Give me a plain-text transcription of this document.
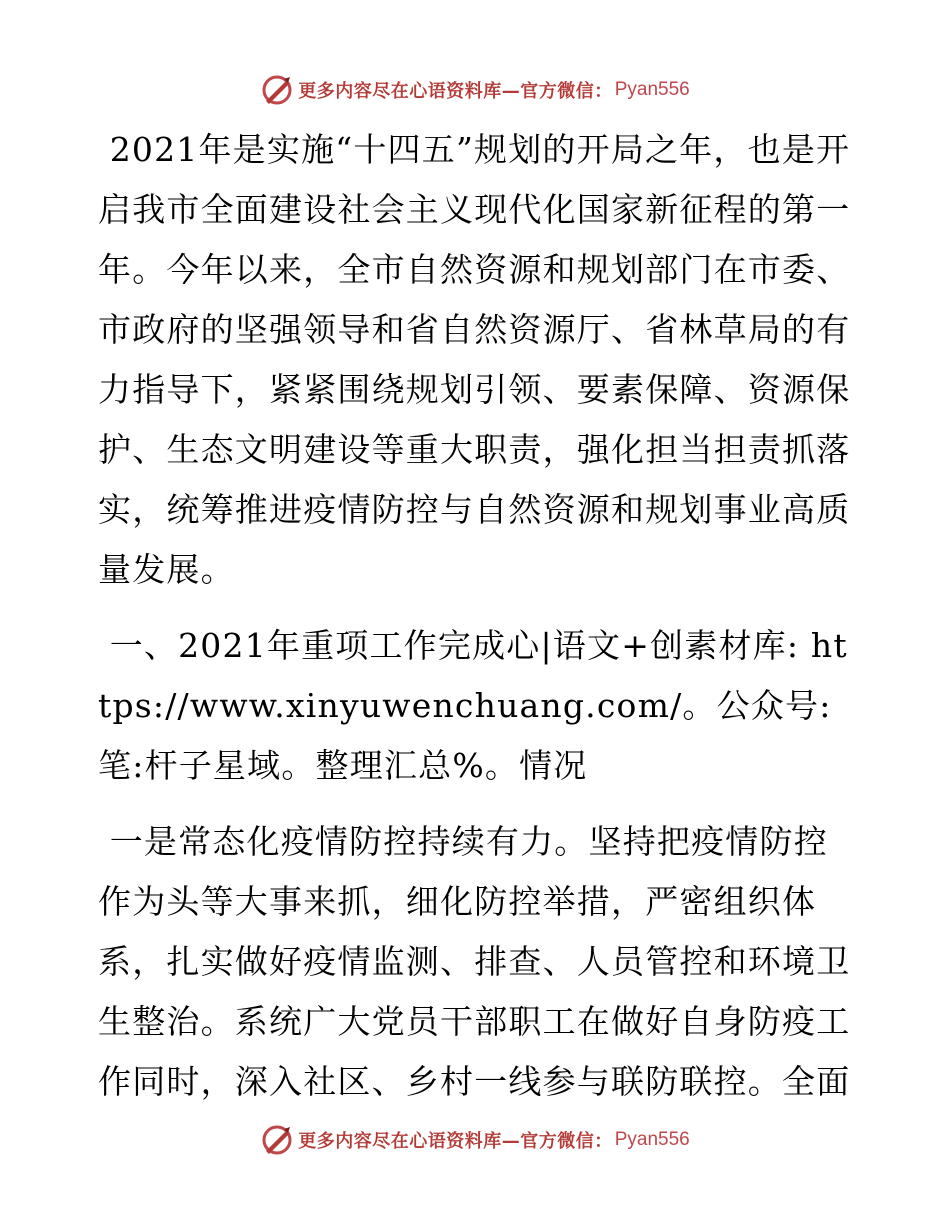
更多内容尽在心语资料库—官方微信： Pyan556

2021年是实施“十四五”规划的开局之年，也是开启我市全面建设社会主义现代化国家新征程的第一年。今年以来，全市自然资源和规划部门在市委、市政府的坚强领导和省自然资源厅、省林草局的有力指导下，紧紧围绕规划引领、要素保障、资源保护、生态文明建设等重大职责，强化担当担责抓落实，统筹推进疫情防控与自然资源和规划事业高质量发展。

一、2021年重项工作完成心|语文+创素材库: https://www.xinyuwenchuang.com/。公众号: 笔:杆子星域。整理汇总%。情况

一是常态化疫情防控持续有力。坚持把疫情防控作为头等大事来抓，细化防控举措，严密组织体系，扎实做好疫情监测、排查、人员管控和环境卫生整治。系统广大党员干部职工在做好自身防疫工作同时，深入社区、乡村一线参与联防联控。全面

更多内容尽在心语资料库—官方微信： Pyan556
